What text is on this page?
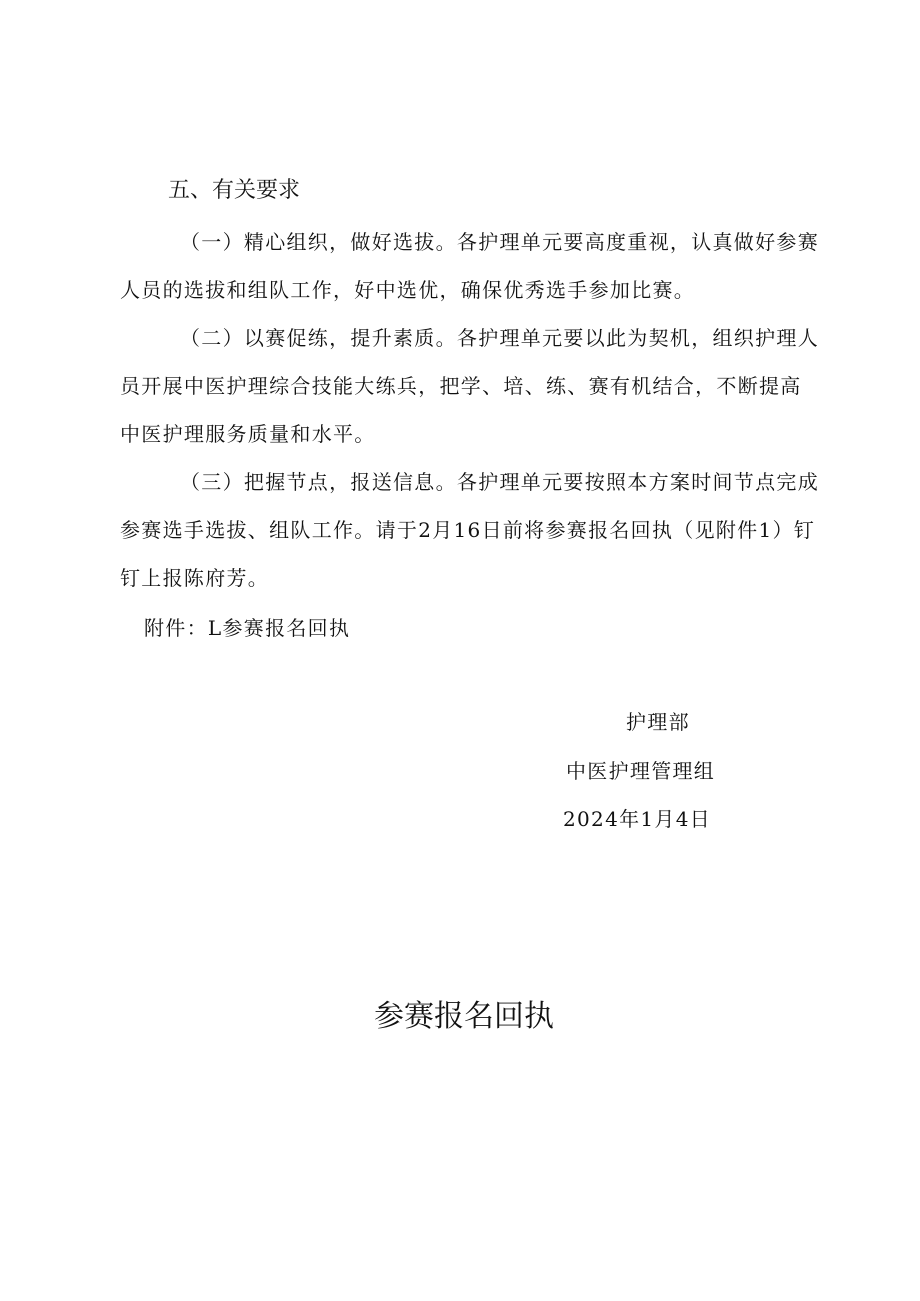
五、有关要求

（一）精心组织，做好选拔。各护理单元要高度重视，认真做好参赛人员的选拔和组队工作，好中选优，确保优秀选手参加比赛。

（二）以赛促练，提升素质。各护理单元要以此为契机，组织护理人员开展中医护理综合技能大练兵，把学、培、练、赛有机结合，不断提高中医护理服务质量和水平。

（三）把握节点，报送信息。各护理单元要按照本方案时间节点完成参赛选手选拔、组队工作。请于2月16日前将参赛报名回执（见附件1）钉钉上报陈府芳。

附件：L参赛报名回执
护理部
中医护理管理组
2024年1月4日
参赛报名回执
